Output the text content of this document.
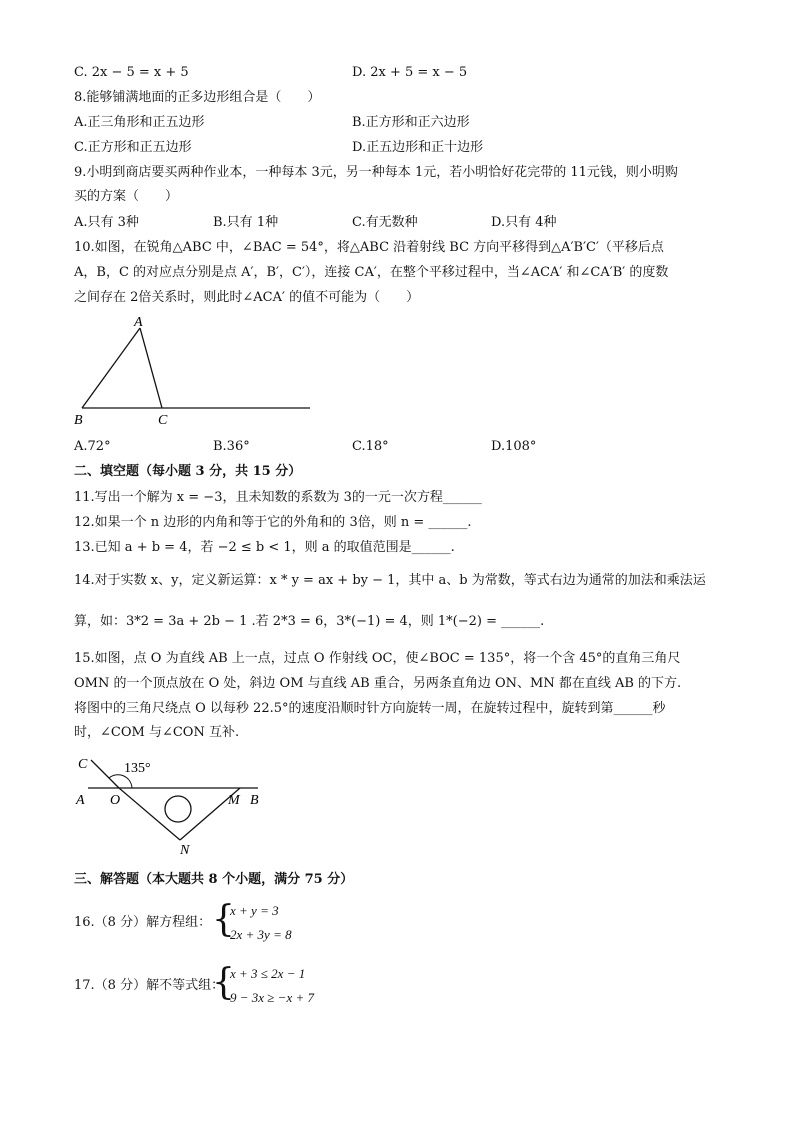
C. 2x − 5 = x + 5	D. 2x + 5 = x − 5
8.能够铺满地面的正多边形组合是（　　）
A.正三角形和正五边形	B.正方形和正六边形
C.正方形和正五边形	D.正五边形和正十边形
9.小明到商店要买两种作业本，一种每本 3元，另一种每本 1元，若小明恰好花完带的 11元钱，则小明购
买的方案（　　）
A.只有 3种	B.只有 1种	C.有无数种	D.只有 4种
10.如图，在锐角△ABC 中，∠BAC = 54°，将△ABC 沿着射线 BC 方向平移得到△A′B′C′（平移后点
A，B，C 的对应点分别是点 A′，B′，C′），连接 CA′，在整个平移过程中，当∠ACA′ 和∠CA′B′ 的度数
之间存在 2倍关系时，则此时∠ACA′ 的值不可能为（　　）
A
B	C
A.72°	B.36°	C.18°	D.108°
二、填空题（每小题 3 分，共 15 分）
11.写出一个解为 x = −3，且未知数的系数为 3的一元一次方程______
12.如果一个 n 边形的内角和等于它的外角和的 3倍，则 n = ______.
13.已知 a + b = 4，若 −2 ≤ b < 1，则 a 的取值范围是______.
14.对于实数 x、y，定义新运算：x * y = ax + by − 1，其中 a、b 为常数，等式右边为通常的加法和乘法运
算，如：3*2 = 3a + 2b − 1 .若 2*3 = 6，3*(−1) = 4，则 1*(−2) = ______.
15.如图，点 O 为直线 AB 上一点，过点 O 作射线 OC，使∠BOC = 135°，将一个含 45°的直角三角尺
OMN 的一个顶点放在 O 处，斜边 OM 与直线 AB 重合，另两条直角边 ON、MN 都在直线 AB 的下方.
将图中的三角尺绕点 O 以每秒 22.5°的速度沿顺时针方向旋转一周，在旋转过程中，旋转到第______秒
时，∠COM 与∠CON 互补.
C	135°
A O	M B
N
三、解答题（本大题共 8 个小题，满分 75 分）
16.（8 分）解方程组： {
x + y = 3
2x + 3y = 8
17.（8 分）解不等式组：
{
x + 3 ≤ 2x − 1
9 − 3x ≥ −x + 7
